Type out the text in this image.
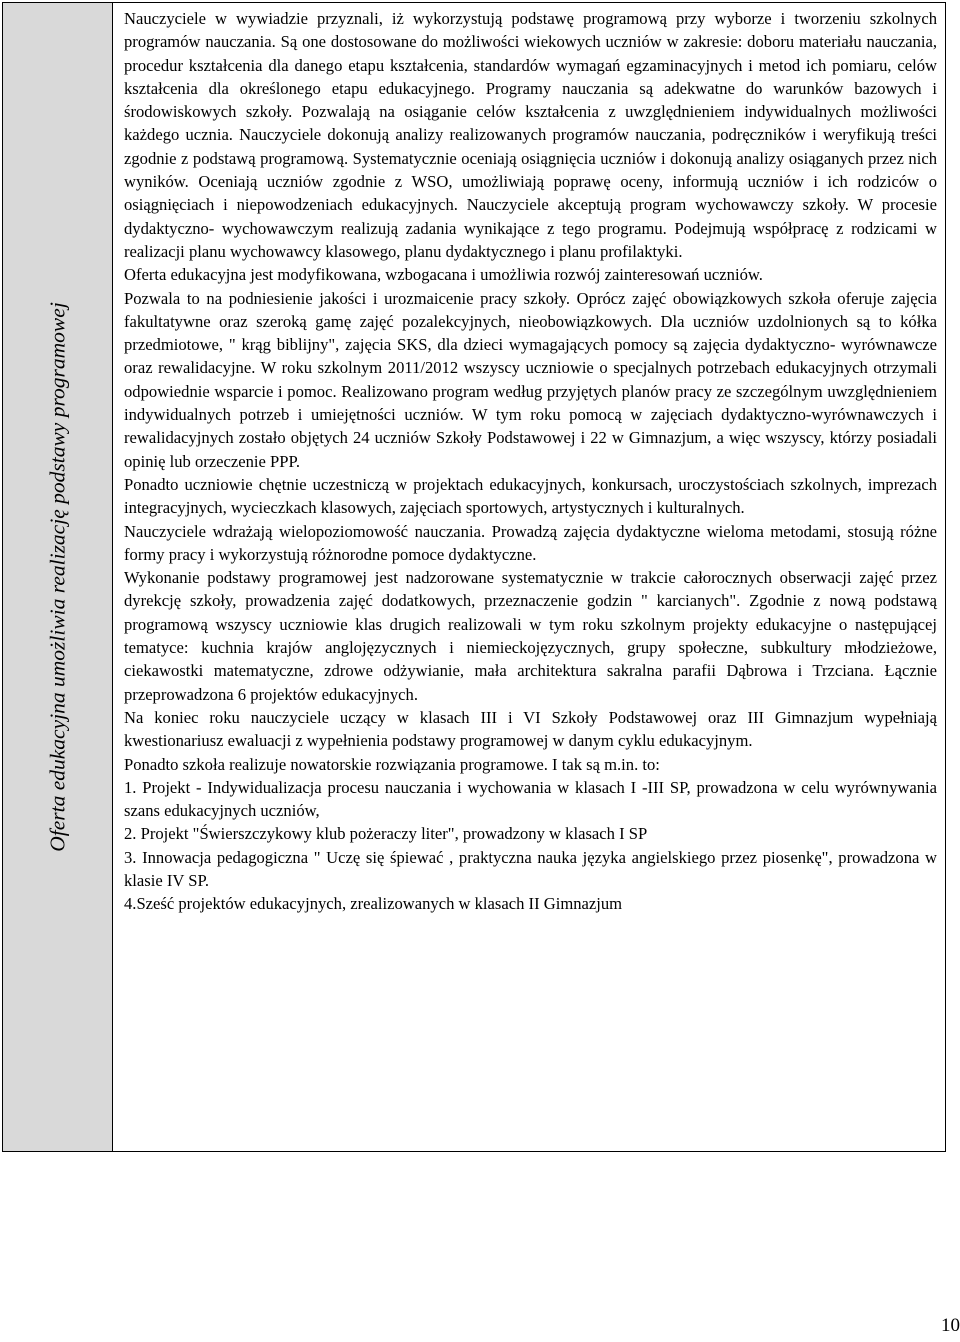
Oferta edukacyjna umożliwia realizację podstawy programowej

Nauczyciele w wywiadzie przyznali, iż wykorzystują podstawę programową przy wyborze i tworzeniu szkolnych programów nauczania. Są one dostosowane do możliwości wiekowych uczniów w zakresie: doboru materiału nauczania, procedur kształcenia dla danego etapu kształcenia, standardów wymagań egzaminacyjnych i metod ich pomiaru, celów kształcenia dla określonego etapu edukacyjnego. Programy nauczania są adekwatne do warunków bazowych i środowiskowych szkoły. Pozwalają na osiąganie celów kształcenia z uwzględnieniem indywidualnych możliwości każdego ucznia. Nauczyciele dokonują analizy realizowanych programów nauczania, podręczników i weryfikują treści zgodnie z podstawą programową. Systematycznie oceniają osiągnięcia uczniów i dokonują analizy osiąganych przez nich wyników. Oceniają uczniów zgodnie z WSO, umożliwiają poprawę oceny, informują uczniów i ich rodziców o osiągnięciach i niepowodzeniach edukacyjnych. Nauczyciele akceptują program wychowawczy szkoły. W procesie dydaktyczno- wychowawczym realizują zadania wynikające z tego programu. Podejmują współpracę z rodzicami w realizacji planu wychowawcy klasowego, planu dydaktycznego i planu profilaktyki.

Oferta edukacyjna jest modyfikowana, wzbogacana i umożliwia rozwój zainteresowań uczniów.

Pozwala to na podniesienie jakości i urozmaicenie pracy szkoły. Oprócz zajęć obowiązkowych szkoła oferuje zajęcia fakultatywne oraz szeroką gamę zajęć pozalekcyjnych, nieobowiązkowych. Dla uczniów uzdolnionych są to kółka przedmiotowe, " krąg biblijny", zajęcia SKS, dla dzieci wymagających pomocy są zajęcia dydaktyczno- wyrównawcze oraz rewalidacyjne. W roku szkolnym 2011/2012 wszyscy uczniowie o specjalnych potrzebach edukacyjnych otrzymali odpowiednie wsparcie i pomoc. Realizowano program według przyjętych planów pracy ze szczególnym uwzględnieniem indywidualnych potrzeb i umiejętności uczniów. W tym roku pomocą w zajęciach dydaktyczno-wyrównawczych i rewalidacyjnych zostało objętych 24 uczniów Szkoły Podstawowej i 22 w Gimnazjum, a więc wszyscy, którzy posiadali opinię lub orzeczenie PPP.

Ponadto uczniowie chętnie uczestniczą w projektach edukacyjnych, konkursach, uroczystościach szkolnych, imprezach integracyjnych, wycieczkach klasowych, zajęciach sportowych, artystycznych i kulturalnych.

Nauczyciele wdrażają wielopoziomowość nauczania. Prowadzą zajęcia dydaktyczne wieloma metodami, stosują różne formy pracy i wykorzystują różnorodne pomoce dydaktyczne.

Wykonanie podstawy programowej jest nadzorowane systematycznie w trakcie całorocznych obserwacji zajęć przez dyrekcję szkoły, prowadzenia zajęć dodatkowych, przeznaczenie godzin " karcianych". Zgodnie z nową podstawą programową wszyscy uczniowie klas drugich realizowali w tym roku szkolnym projekty edukacyjne o następującej tematyce: kuchnia krajów anglojęzycznych i niemieckojęzycznych, grupy społeczne, subkultury młodzieżowe, ciekawostki matematyczne, zdrowe odżywianie, mała architektura sakralna parafii Dąbrowa i Trzciana. Łącznie przeprowadzona 6 projektów edukacyjnych.

Na koniec roku nauczyciele uczący w klasach III i VI Szkoły Podstawowej oraz III Gimnazjum wypełniają kwestionariusz ewaluacji z wypełnienia podstawy programowej w danym cyklu edukacyjnym.

Ponadto szkoła realizuje nowatorskie rozwiązania programowe. I tak są m.in. to:

1. Projekt - Indywidualizacja procesu nauczania i wychowania w klasach I -III SP, prowadzona w celu wyrównywania szans edukacyjnych uczniów,

2. Projekt "Świerszczykowy klub pożeraczy liter", prowadzony w klasach I SP

3. Innowacja pedagogiczna " Uczę się śpiewać , praktyczna nauka języka angielskiego przez piosenkę", prowadzona w klasie IV SP.

4.Sześć projektów edukacyjnych, zrealizowanych w klasach II Gimnazjum

10
